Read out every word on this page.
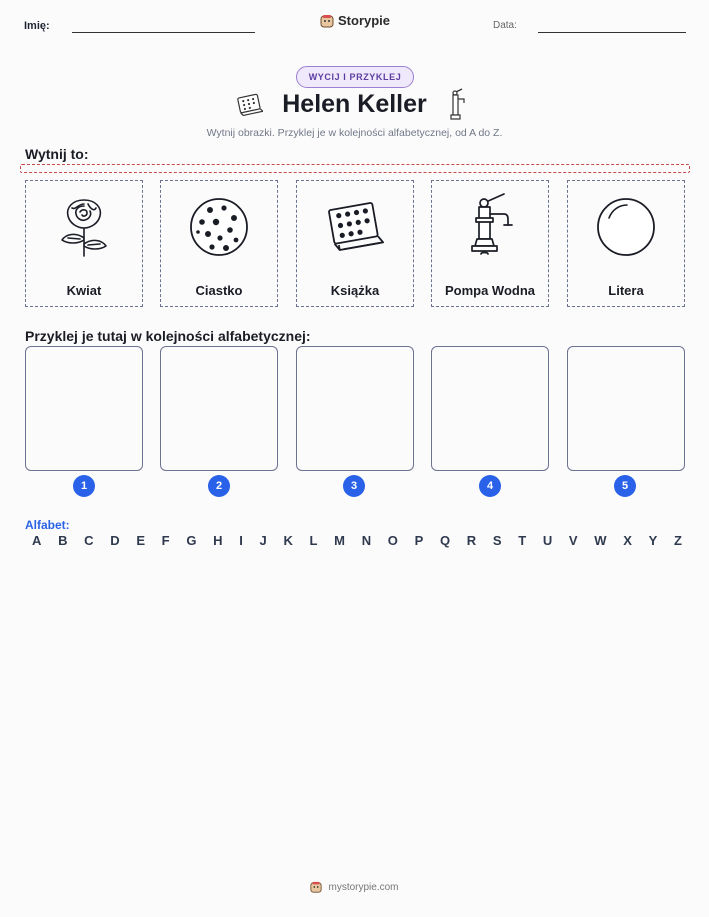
Imię:	Storypie	Data:
WYCIJ I PRZYKLEJ
Helen Keller
Wytnij obrazki. Przyklej je w kolejności alfabetycznej, od A do Z.
Wytnij to:
Kwiat	Ciastko	Książka	Pompa Wodna	Litera
Przyklej je tutaj w kolejności alfabetycznej:
1	2	3	4	5
Alfabet:
A B C D E F G H I J K L M N O P Q R S T U V W X Y Z
mystorypie.com
